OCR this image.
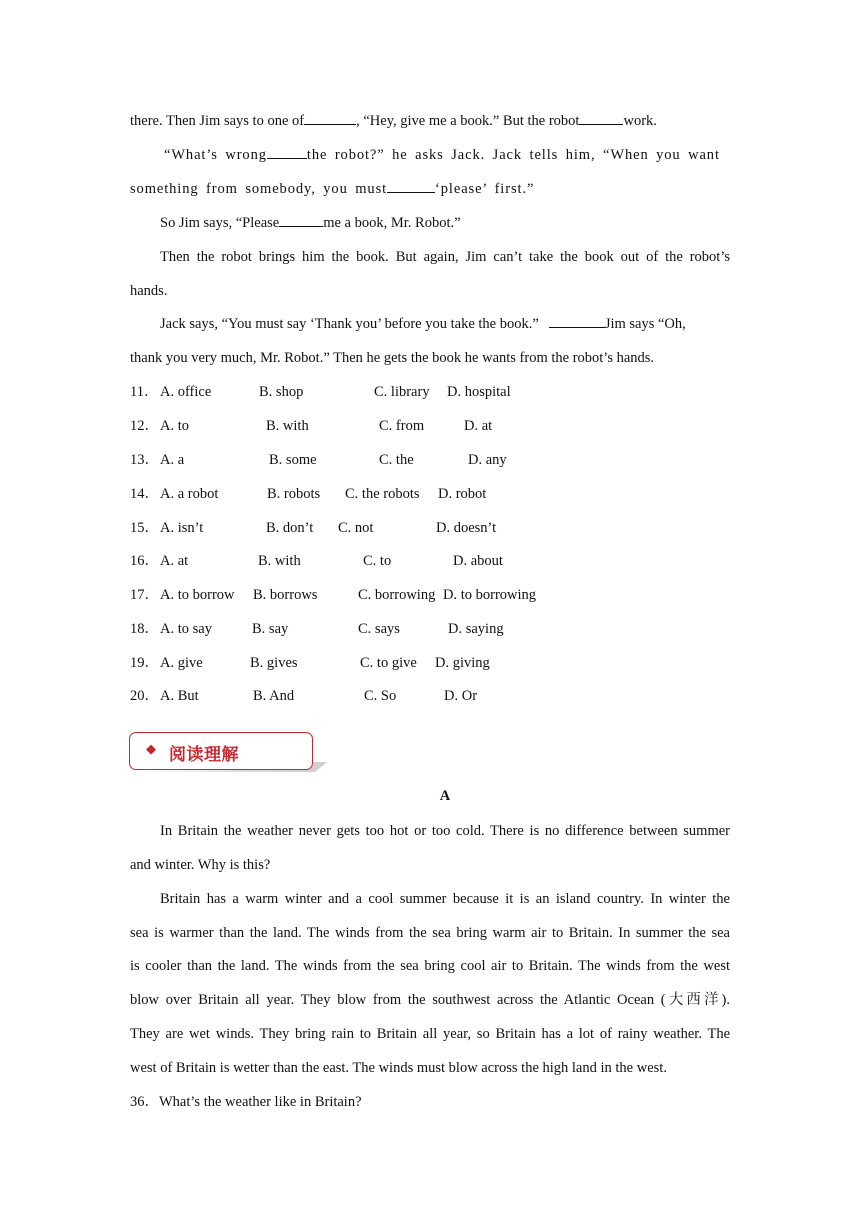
there. Then Jim says to one of	, “Hey, give me a book.” But the robot	work.
“What’s wrong	the robot?” he asks Jack. Jack tells him, “When you want
something from somebody, you must	‘please’ first.”
So Jim says, “Please	me a book, Mr. Robot.”
Then the robot brings him the book. But again, Jim can’t take the book out of the robot’s
hands.
Jack says, “You must say ‘Thank you’ before you take the book.”	Jim says “Oh,
thank you very much, Mr. Robot.” Then he gets the book he wants from the robot’s hands.
11． A. office	B. shop	C. library D. hospital
12． A. to	B. with	C. from	D. at
13． A. a	B. some	C. the	D. any
14． A. a robot	B. robots C. the robots D. robot
15． A. isn’t	B. don’t C. not	D. doesn’t
16． A. at	B. with	C. to	D. about
17． A. to borrow B. borrows	C. borrowing D. to borrowing
18． A. to say	B. say	C. says	D. saying
19． A. give	B. gives	C. to give D. giving
20． A. But	B. And	C. So	D. Or
◆ 阅读理解
A
In Britain the weather never gets too hot or too cold. There is no difference between summer
and winter. Why is this?
Britain has a warm winter and a cool summer because it is an island country. In winter the
sea is warmer than the land. The winds from the sea bring warm air to Britain. In summer the sea
is cooler than the land. The winds from the sea bring cool air to Britain. The winds from the west
blow over Britain all year. They blow from the southwest across the Atlantic Ocean (大西洋).
They are wet winds. They bring rain to Britain all year, so Britain has a lot of rainy weather. The
west of Britain is wetter than the east. The winds must blow across the high land in the west.
36．What’s the weather like in Britain?
